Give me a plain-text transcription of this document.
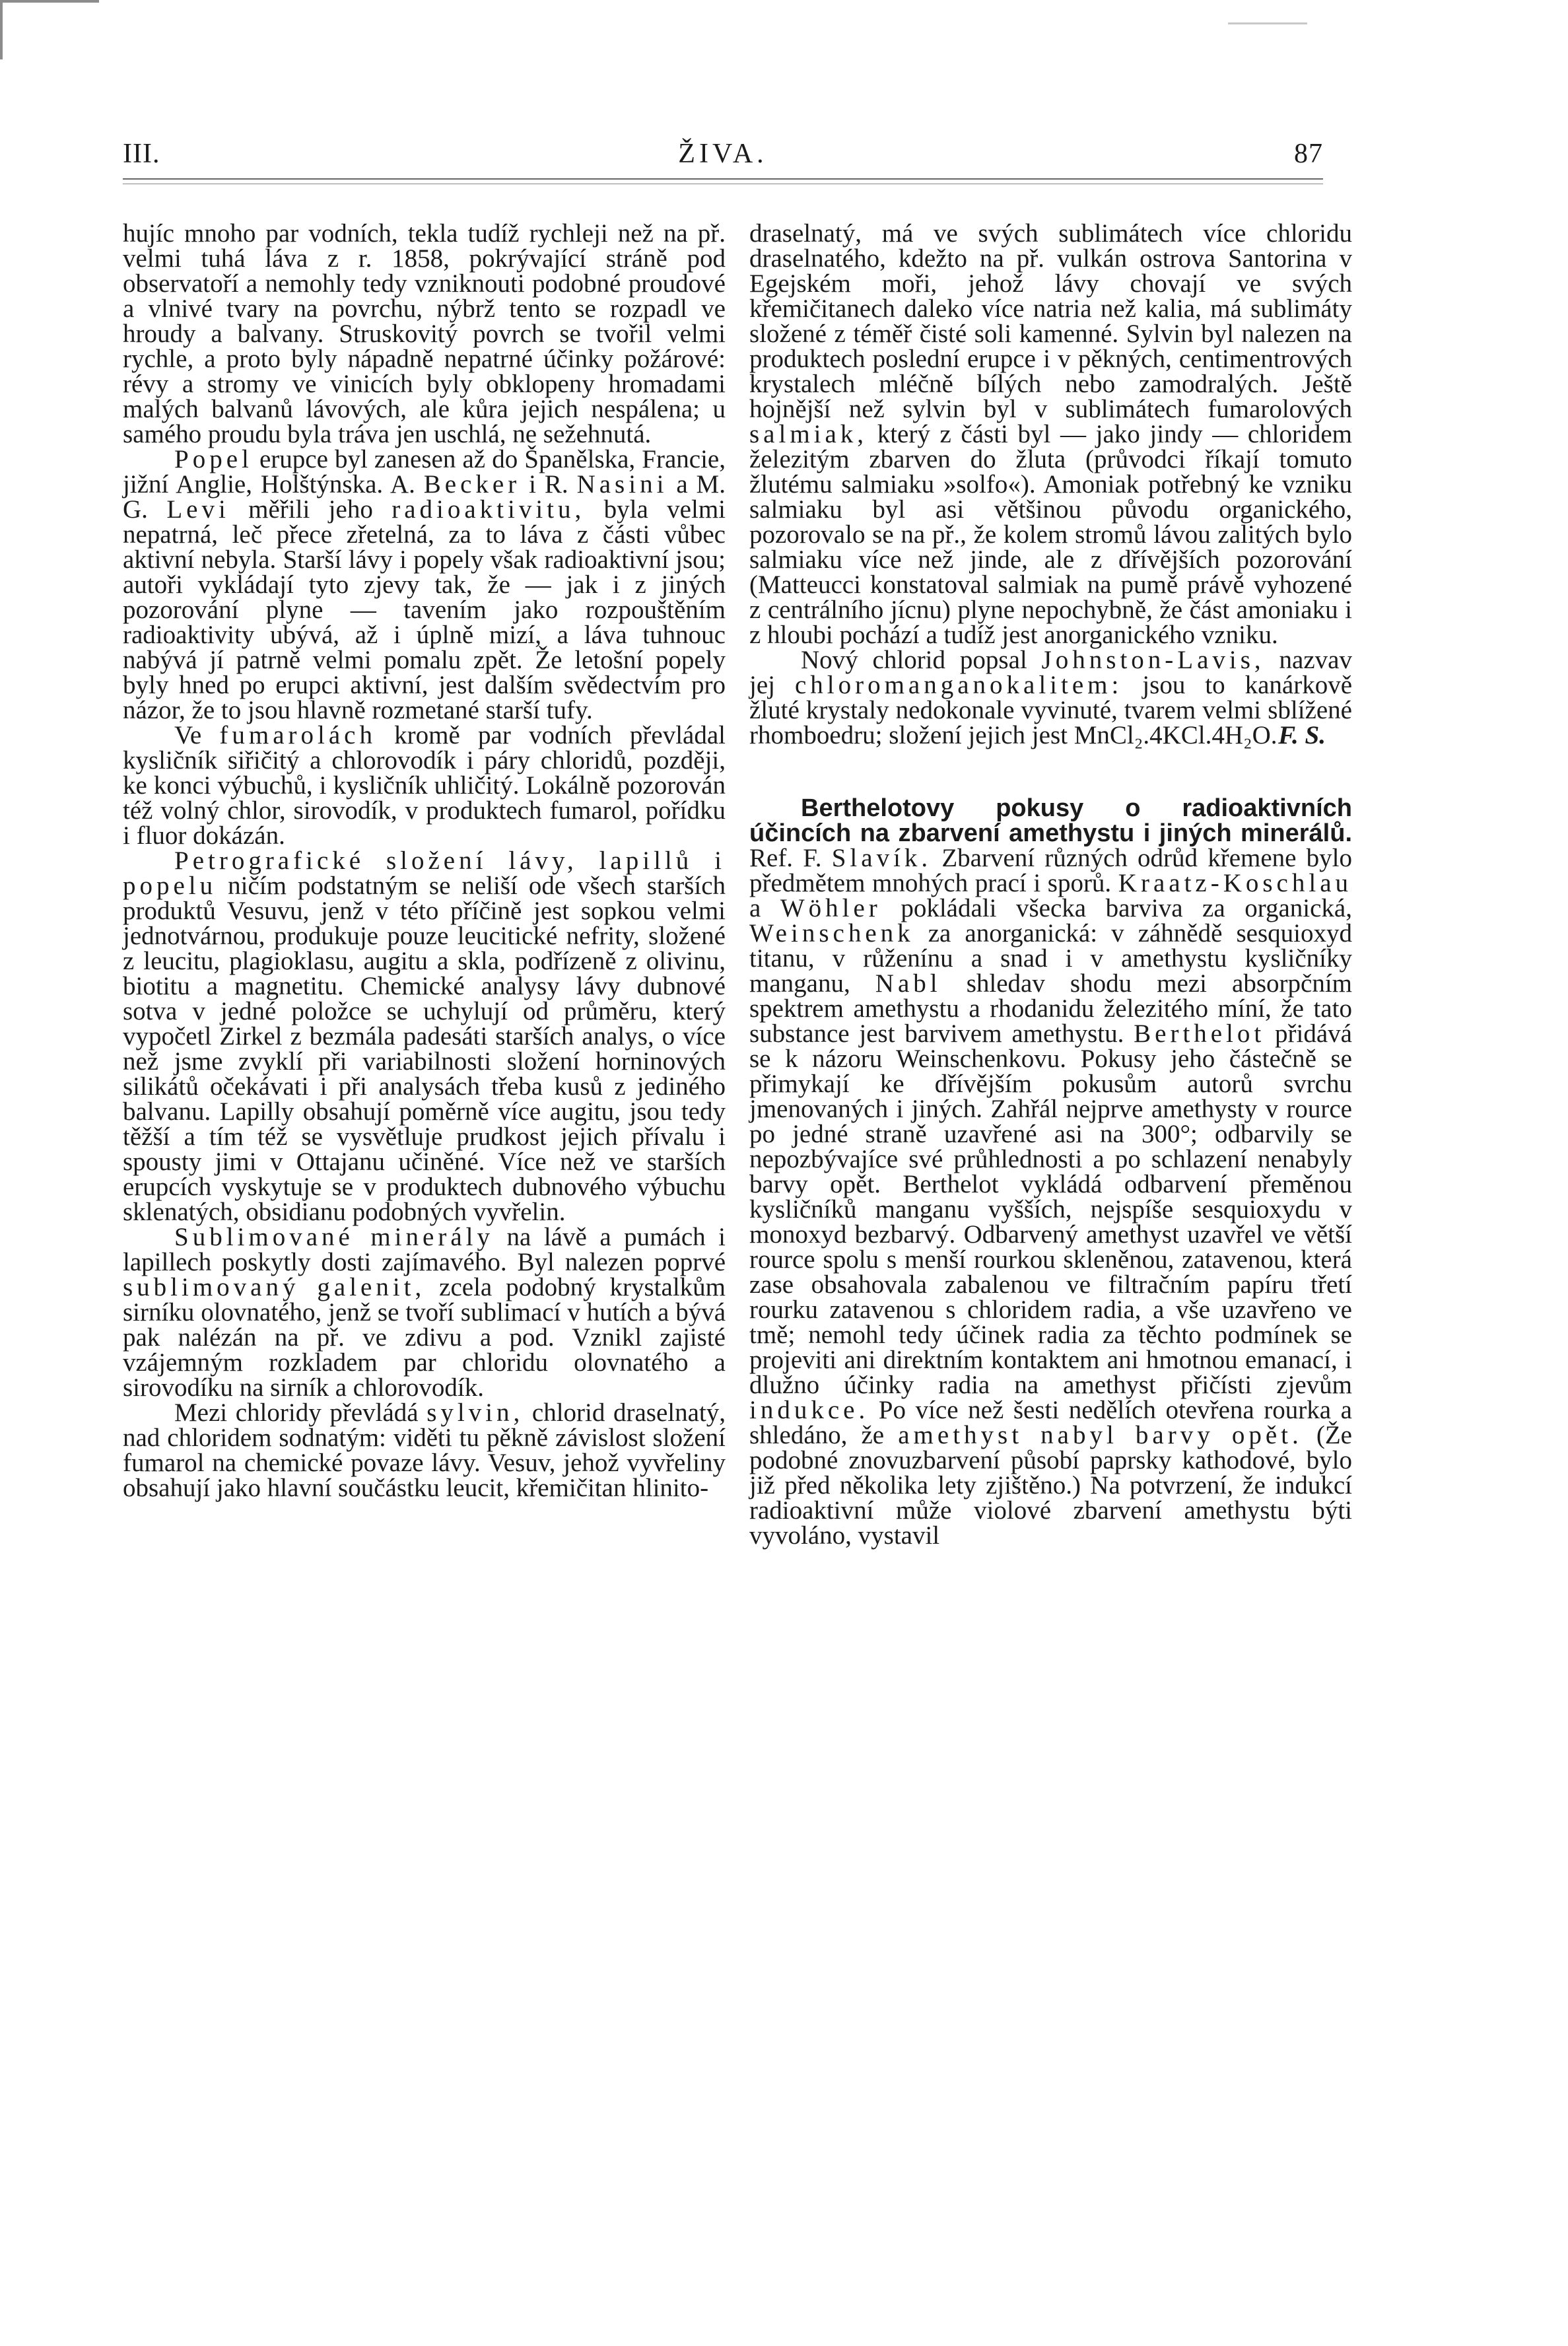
III.	ŽIVA.	87

hujíc mnoho par vodních, tekla tudíž rychleji než na př. velmi tuhá láva z r. 1858, pokrývající stráně pod observatoří a nemohly tedy vzniknouti podobné proudové a vlnivé tvary na povrchu, nýbrž tento se rozpadl ve hroudy a balvany. Struskovitý povrch se tvořil velmi rychle, a proto byly nápadně nepatrné účinky požárové: révy a stromy ve vinicích byly obklopeny hromadami malých balvanů lávových, ale kůra jejich nespálena; u samého proudu byla tráva jen uschlá, ne sežehnutá.

Popel erupce byl zanesen až do Španělska, Francie, jižní Anglie, Holštýnska. A. Becker i R. Nasini a M. G. Levi měřili jeho radioaktivitu, byla velmi nepatrná, leč přece zřetelná, za to láva z části vůbec aktivní nebyla. Starší lávy i popely však radioaktivní jsou; autoři vykládají tyto zjevy tak, že — jak i z jiných pozorování plyne — tavením jako rozpouštěním radioaktivity ubývá, až i úplně mizí, a láva tuhnouc nabývá jí patrně velmi pomalu zpět. Že letošní popely byly hned po erupci aktivní, jest dalším svědectvím pro názor, že to jsou hlavně rozmetané starší tufy.

Ve fumarolách kromě par vodních převládal kysličník siřičitý a chlorovodík i páry chloridů, později, ke konci výbuchů, i kysličník uhličitý. Lokálně pozorován též volný chlor, sirovodík, v produktech fumarol, pořídku i fluor dokázán.

Petrografické složení lávy, lapillů i popelu ničím podstatným se neliší ode všech starších produktů Vesuvu, jenž v této příčině jest sopkou velmi jednotvárnou, produkuje pouze leucitické nefrity, složené z leucitu, plagioklasu, augitu a skla, podřízeně z olivinu, biotitu a magnetitu. Chemické analysy lávy dubnové sotva v jedné položce se uchylují od průměru, který vypočetl Zirkel z bezmála padesáti starších analys, o více než jsme zvyklí při variabilnosti složení horninových silikátů očekávati i při analysách třeba kusů z jediného balvanu. Lapilly obsahují poměrně více augitu, jsou tedy těžší a tím též se vysvětluje prudkost jejich přívalu i spousty jimi v Ottajanu učiněné. Více než ve starších erupcích vyskytuje se v produktech dubnového výbuchu sklenatých, obsidianu podobných vyvřelin.

Sublimované minerály na lávě a pumách i lapillech poskytly dosti zajímavého. Byl nalezen poprvé sublimovaný galenit, zcela podobný krystalkům sirníku olovnatého, jenž se tvoří sublimací v hutích a bývá pak nalézán na př. ve zdivu a pod. Vznikl zajisté vzájemným rozkladem par chloridu olovnatého a sirovodíku na sirník a chlorovodík.

Mezi chloridy převládá sylvin, chlorid draselnatý, nad chloridem sodnatým: viděti tu pěkně závislost složení fumarol na chemické povaze lávy. Vesuv, jehož vyvřeliny obsahují jako hlavní součástku leucit, křemičitan hlinito-

draselnatý, má ve svých sublimátech více chloridu draselnatého, kdežto na př. vulkán ostrova Santorina v Egejském moři, jehož lávy chovají ve svých křemičitanech daleko více natria než kalia, má sublimáty složené z téměř čisté soli kamenné. Sylvin byl nalezen na produktech poslední erupce i v pěkných, centimentrových krystalech mléčně bílých nebo zamodralých. Ještě hojnější než sylvin byl v sublimátech fumarolových salmiak, který z části byl — jako jindy — chloridem železitým zbarven do žluta (průvodci říkají tomuto žlutému salmiaku »solfo«). Amoniak potřebný ke vzniku salmiaku byl asi většinou původu organického, pozorovalo se na př., že kolem stromů lávou zalitých bylo salmiaku více než jinde, ale z dřívějších pozorování (Matteucci konstatoval salmiak na pumě právě vyhozené z centrálního jícnu) plyne nepochybně, že část amoniaku i z hloubi pochází a tudíž jest anorganického vzniku.

Nový chlorid popsal Johnston-Lavis, nazvav jej chloromanganokalitem: jsou to kanárkově žluté krystaly nedokonale vyvinuté, tvarem velmi sblížené rhomboedru; složení jejich jest MnCl₂.4KCl.4H₂O. F. S.

Berthelotovy pokusy o radioaktivních účincích na zbarvení amethystu i jiných minerálů. Ref. F. Slavík. Zbarvení různých odrůd křemene bylo předmětem mnohých prací i sporů. Kraatz-Koschlau a Wöhler pokládali všecka barviva za organická, Weinschenk za anorganická: v záhnědě sesquioxyd titanu, v růženínu a snad i v amethystu kysličníky manganu, Nabl shledav shodu mezi absorpčním spektrem amethystu a rhodanidu železitého míní, že tato substance jest barvivem amethystu. Berthelot přidává se k názoru Weinschenkovu. Pokusy jeho částečně se přimykají ke dřívějším pokusům autorů svrchu jmenovaných i jiných. Zahřál nejprve amethysty v rource po jedné straně uzavřené asi na 300°; odbarvily se nepozbývajíce své průhlednosti a po schlazení nenabyly barvy opět. Berthelot vykládá odbarvení přeměnou kysličníků manganu vyšších, nejspíše sesquioxydu v monoxyd bezbarvý. Odbarvený amethyst uzavřel ve větší rource spolu s menší rourkou skleněnou, zatavenou, která zase obsahovala zabalenou ve filtračním papíru třetí rourku zatavenou s chloridem radia, a vše uzavřeno ve tmě; nemohl tedy účinek radia za těchto podmínek se projeviti ani direktním kontaktem ani hmotnou emanací, i dlužno účinky radia na amethyst přičísti zjevům indukce. Po více než šesti nedělích otevřena rourka a shledáno, že amethyst nabyl barvy opět. (Že podobné znovuzbarvení působí paprsky kathodové, bylo již před několika lety zjištěno.) Na potvrzení, že indukcí radioaktivní může violové zbarvení amethystu býti vyvoláno, vystavil
